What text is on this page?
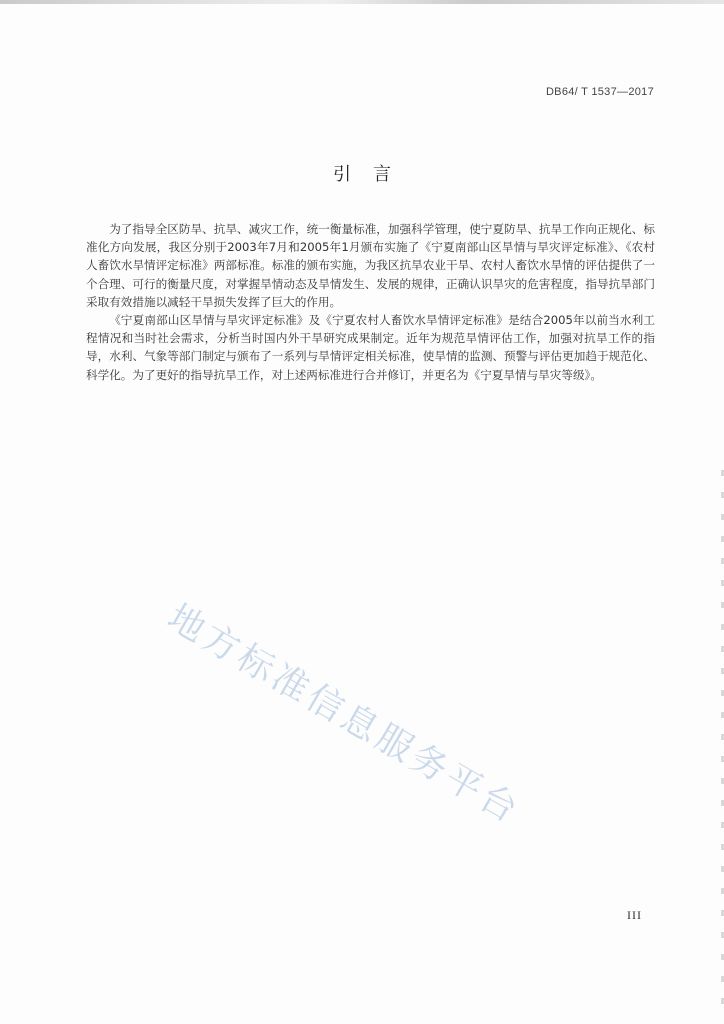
DB64/ T 1537—2017
引言

为了指导全区防旱、抗旱、减灾工作，统一衡量标准，加强科学管理，使宁夏防旱、抗旱工作向正规化、标准化方向发展，我区分别于2003年7月和2005年1月颁布实施了《宁夏南部山区旱情与旱灾评定标准》、《农村人畜饮水旱情评定标准》两部标准。标准的颁布实施，为我区抗旱农业干旱、农村人畜饮水旱情的评估提供了一个合理、可行的衡量尺度，对掌握旱情动态及旱情发生、发展的规律，正确认识旱灾的危害程度，指导抗旱部门采取有效措施以减轻干旱损失发挥了巨大的作用。

《宁夏南部山区旱情与旱灾评定标准》及《宁夏农村人畜饮水旱情评定标准》是结合2005年以前当水利工程情况和当时社会需求，分析当时国内外干旱研究成果制定。近年为规范旱情评估工作，加强对抗旱工作的指导，水利、气象等部门制定与颁布了一系列与旱情评定相关标准，使旱情的监测、预警与评估更加趋于规范化、科学化。为了更好的指导抗旱工作，对上述两标准进行合并修订，并更名为《宁夏旱情与旱灾等级》。

地方标准信息服务平台
III
